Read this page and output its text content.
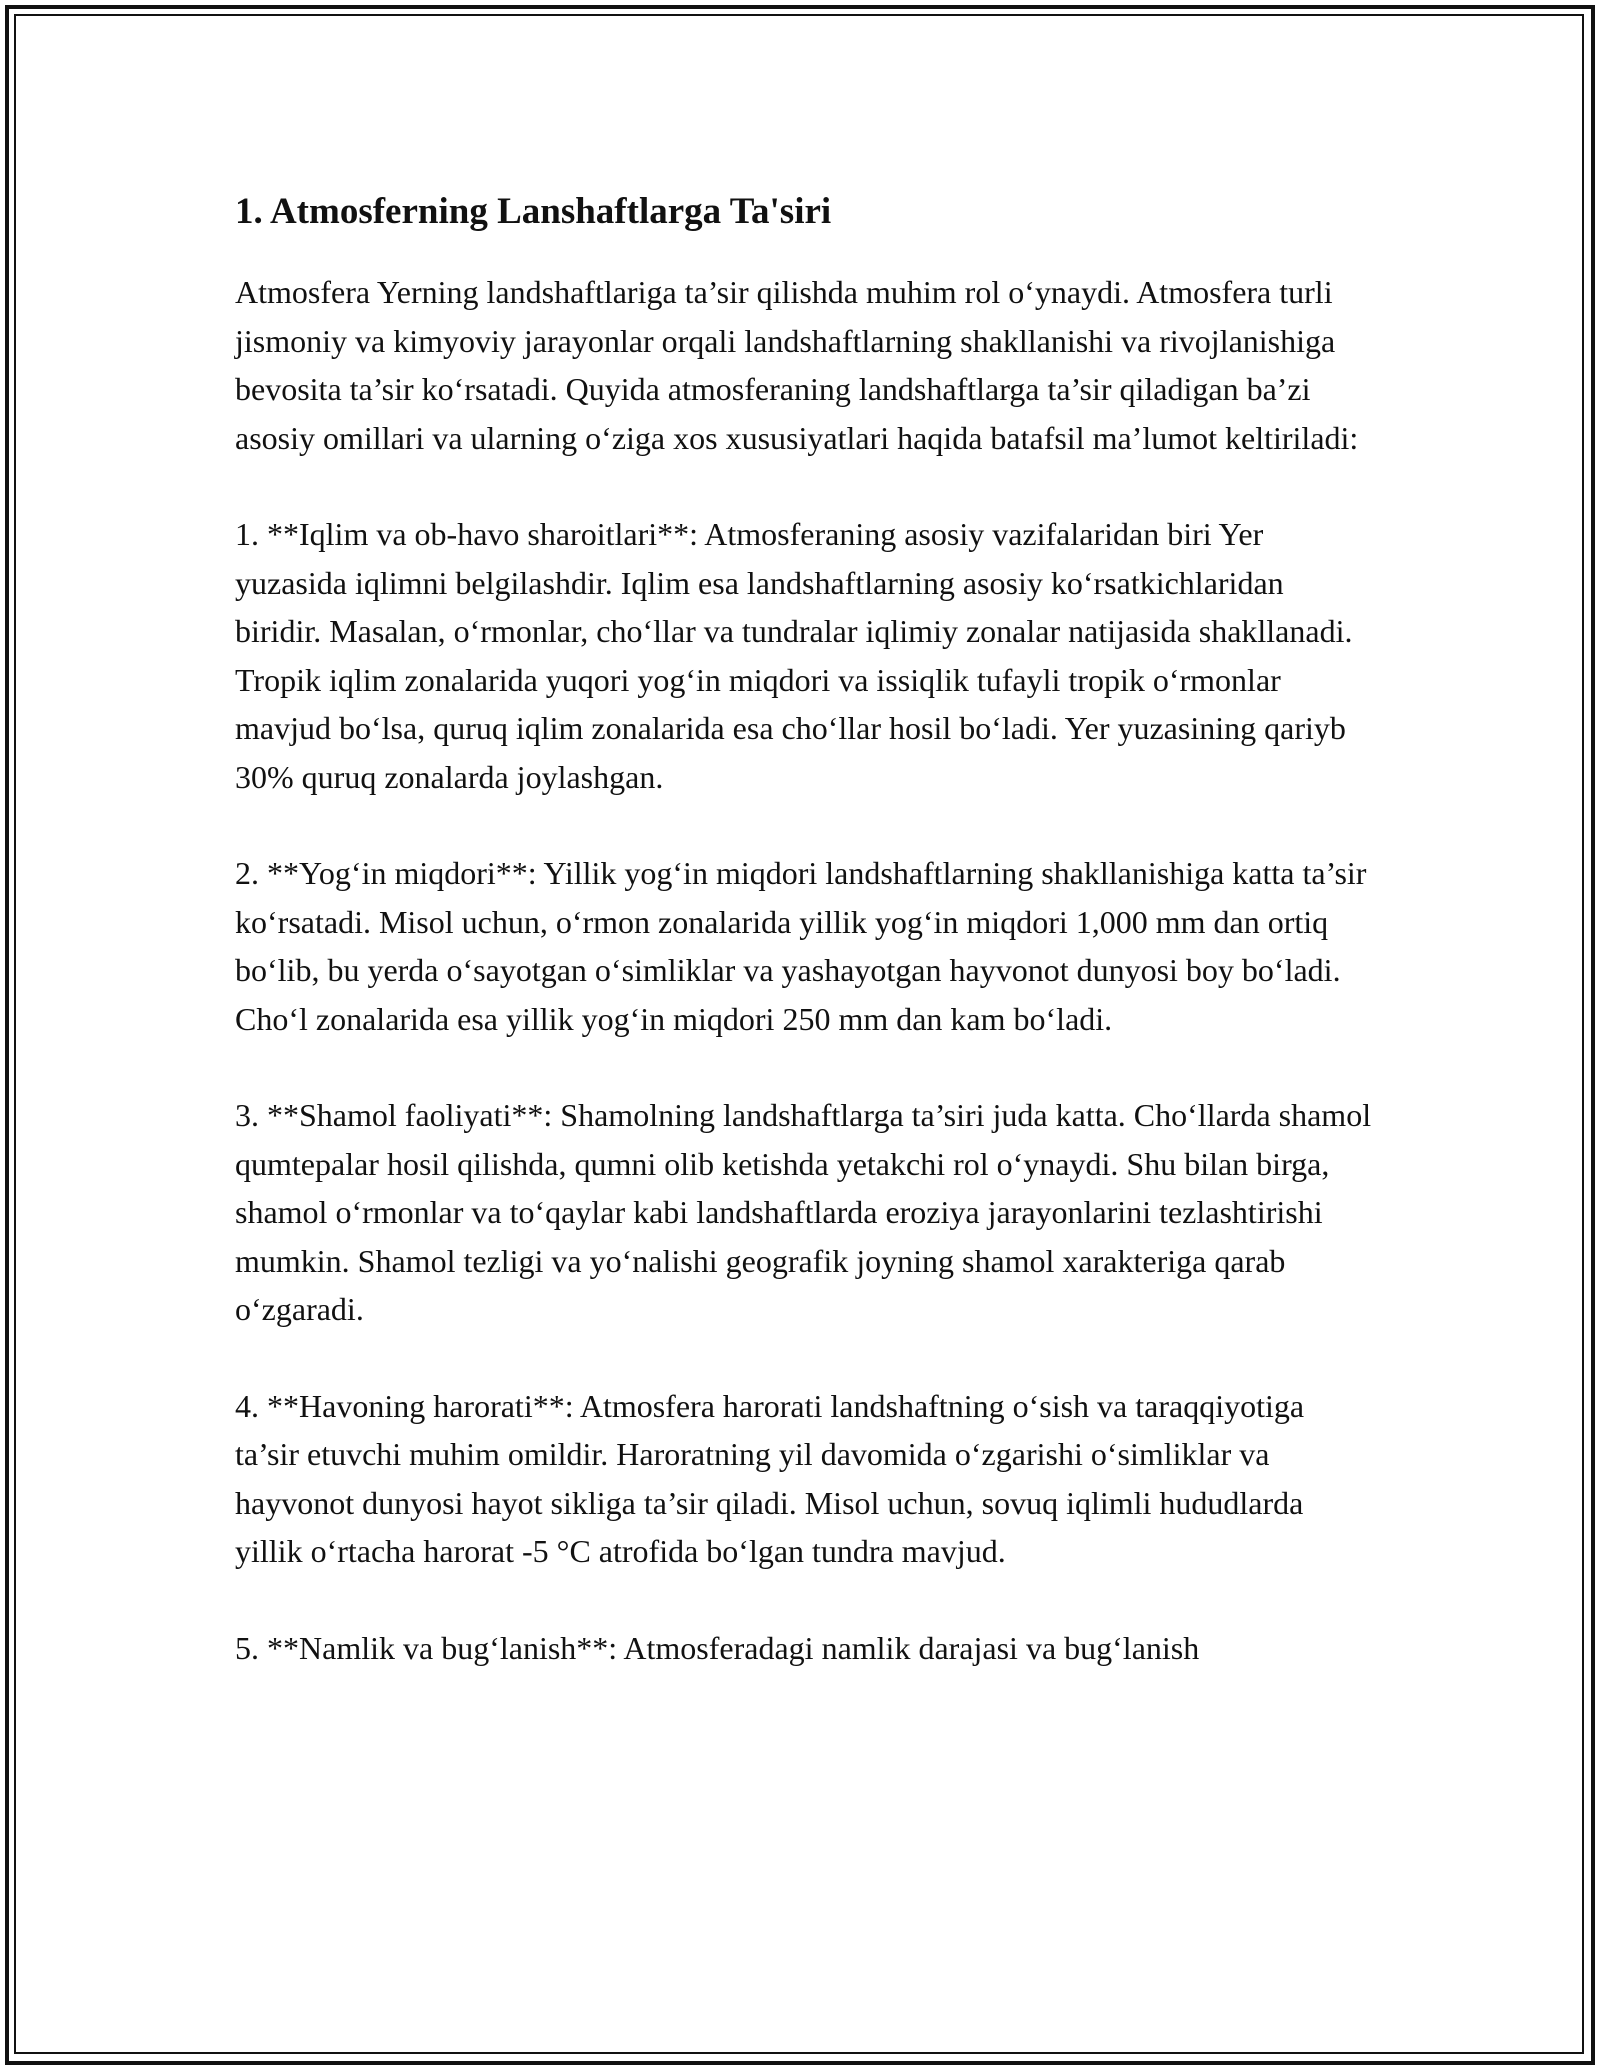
1. Atmosferning Lanshaftlarga Ta'siri

Atmosfera Yerning landshaftlariga ta’sir qilishda muhim rol o‘ynaydi. Atmosfera turli jismoniy va kimyoviy jarayonlar orqali landshaftlarning shakllanishi va rivojlanishiga bevosita ta’sir ko‘rsatadi. Quyida atmosferaning landshaftlarga ta’sir qiladigan ba’zi asosiy omillari va ularning o‘ziga xos xususiyatlari haqida batafsil ma’lumot keltiriladi:

1. **Iqlim va ob-havo sharoitlari**: Atmosferaning asosiy vazifalaridan biri Yer yuzasida iqlimni belgilashdir. Iqlim esa landshaftlarning asosiy ko‘rsatkichlaridan biridir. Masalan, o‘rmonlar, cho‘llar va tundralar iqlimiy zonalar natijasida shakllanadi. Tropik iqlim zonalarida yuqori yog‘in miqdori va issiqlik tufayli tropik o‘rmonlar mavjud bo‘lsa, quruq iqlim zonalarida esa cho‘llar hosil bo‘ladi. Yer yuzasining qariyb 30% quruq zonalarda joylashgan.

2. **Yog‘in miqdori**: Yillik yog‘in miqdori landshaftlarning shakllanishiga katta ta’sir ko‘rsatadi. Misol uchun, o‘rmon zonalarida yillik yog‘in miqdori 1,000 mm dan ortiq bo‘lib, bu yerda o‘sayotgan o‘simliklar va yashayotgan hayvonot dunyosi boy bo‘ladi. Cho‘l zonalarida esa yillik yog‘in miqdori 250 mm dan kam bo‘ladi.

3. **Shamol faoliyati**: Shamolning landshaftlarga ta’siri juda katta. Cho‘llarda shamol qumtepalar hosil qilishda, qumni olib ketishda yetakchi rol o‘ynaydi. Shu bilan birga, shamol o‘rmonlar va to‘qaylar kabi landshaftlarda eroziya jarayonlarini tezlashtirishi mumkin. Shamol tezligi va yo‘nalishi geografik joyning shamol xarakteriga qarab o‘zgaradi.

4. **Havoning harorati**: Atmosfera harorati landshaftning o‘sish va taraqqiyotiga ta’sir etuvchi muhim omildir. Haroratning yil davomida o‘zgarishi o‘simliklar va hayvonot dunyosi hayot sikliga ta’sir qiladi. Misol uchun, sovuq iqlimli hududlarda yillik o‘rtacha harorat -5 °C atrofida bo‘lgan tundra mavjud.

5. **Namlik va bug‘lanish**: Atmosferadagi namlik darajasi va bug‘lanish
